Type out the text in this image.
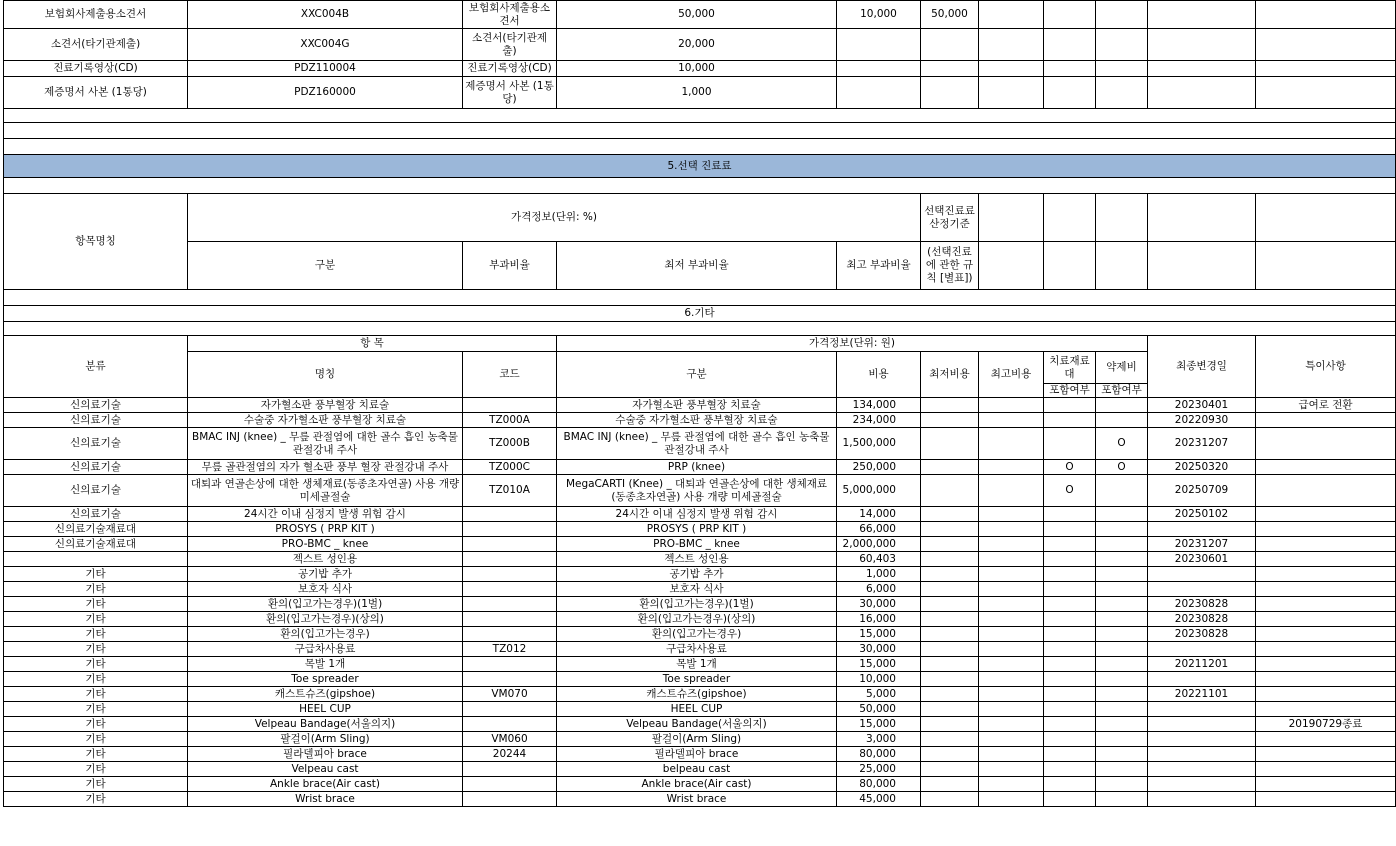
보험회사제출용소견서	XXC004B	보험회사제출용소견서	50,000	10,000	50,000					
소견서(타기관제출)	XXC004G	소견서(타기관제출)	20,000							
진료기록영상(CD)	PDZ110004	진료기록영상(CD)	10,000							
제증명서 사본 (1통당)	PDZ160000	제증명서 사본 (1통당)	1,000							

5.선택 진료료										

항목명칭	가격정보(단위: %)				선택진료료 산정기준					
	구분	부과비율	최저 부과비율	최고 부과비율	(선택진료에 관한 규칙 [별표])					

6.기타										

분류	항 목		가격정보(단위: 원)						최종변경일	특이사항
	명칭	코드	구분	비용	최저비용	최고비용	치료재료대	약제비		
							포함여부	포함여부		
신의료기술	자가혈소판 풍부혈장 치료술		자가혈소판 풍부혈장 치료술	134,000					20230401	급여로 전환
신의료기술	수술중 자가혈소판 풍부혈장 치료술	TZ000A	수술중 자가혈소판 풍부혈장 치료술	234,000					20220930	
신의료기술	BMAC INJ (knee) _ 무릎 관절염에 대한 골수 흡인 농축물 관절강내 주사	TZ000B	BMAC INJ (knee) _ 무릎 관절염에 대한 골수 흡인 농축물 관절강내 주사	1,500,000				O	20231207	
신의료기술	무릎 골관절염의 자가 혈소판 풍부 혈장 관절강내 주사	TZ000C	PRP (knee)	250,000			O	O	20250320	
신의료기술	대퇴과 연골손상에 대한 생체재료(동종초자연골) 사용 개량 미세골절술	TZ010A	MegaCARTI (Knee) _ 대퇴과 연골손상에 대한 생체재료(동종초자연골) 사용 개량 미세골절술	5,000,000			O		20250709	
신의료기술	24시간 이내 심정지 발생 위험 감시		24시간 이내 심정지 발생 위험 감시	14,000					20250102	
신의료기술재료대	PROSYS ( PRP KIT )		PROSYS ( PRP KIT )	66,000						
신의료기술재료대	PRO-BMC _ knee		PRO-BMC _ knee	2,000,000					20231207	
	젝스트 성인용		젝스트 성인용	60,403					20230601	
기타	공기밥 추가		공기밥 추가	1,000						
기타	보호자 식사		보호자 식사	6,000						
기타	환의(입고가는경우)(1벌)		환의(입고가는경우)(1벌)	30,000					20230828	
기타	환의(입고가는경우)(상의)		환의(입고가는경우)(상의)	16,000					20230828	
기타	환의(입고가는경우)		환의(입고가는경우)	15,000					20230828	
기타	구급차사용료	TZ012	구급차사용료	30,000						
기타	목발 1개		목발 1개	15,000					20211201	
기타	Toe spreader		Toe spreader	10,000						
기타	캐스트슈즈(gipshoe)	VM070	캐스트슈즈(gipshoe)	5,000					20221101	
기타	HEEL CUP		HEEL CUP	50,000						
기타	Velpeau Bandage(서울의지)		Velpeau Bandage(서울의지)	15,000						20190729종료
기타	팔걸이(Arm Sling)	VM060	팔걸이(Arm Sling)	3,000						
기타	필라델피아 brace	20244	필라델피아 brace	80,000						
기타	Velpeau cast		belpeau cast	25,000						
기타	Ankle brace(Air cast)		Ankle brace(Air cast)	80,000						
기타	Wrist brace		Wrist brace	45,000						
